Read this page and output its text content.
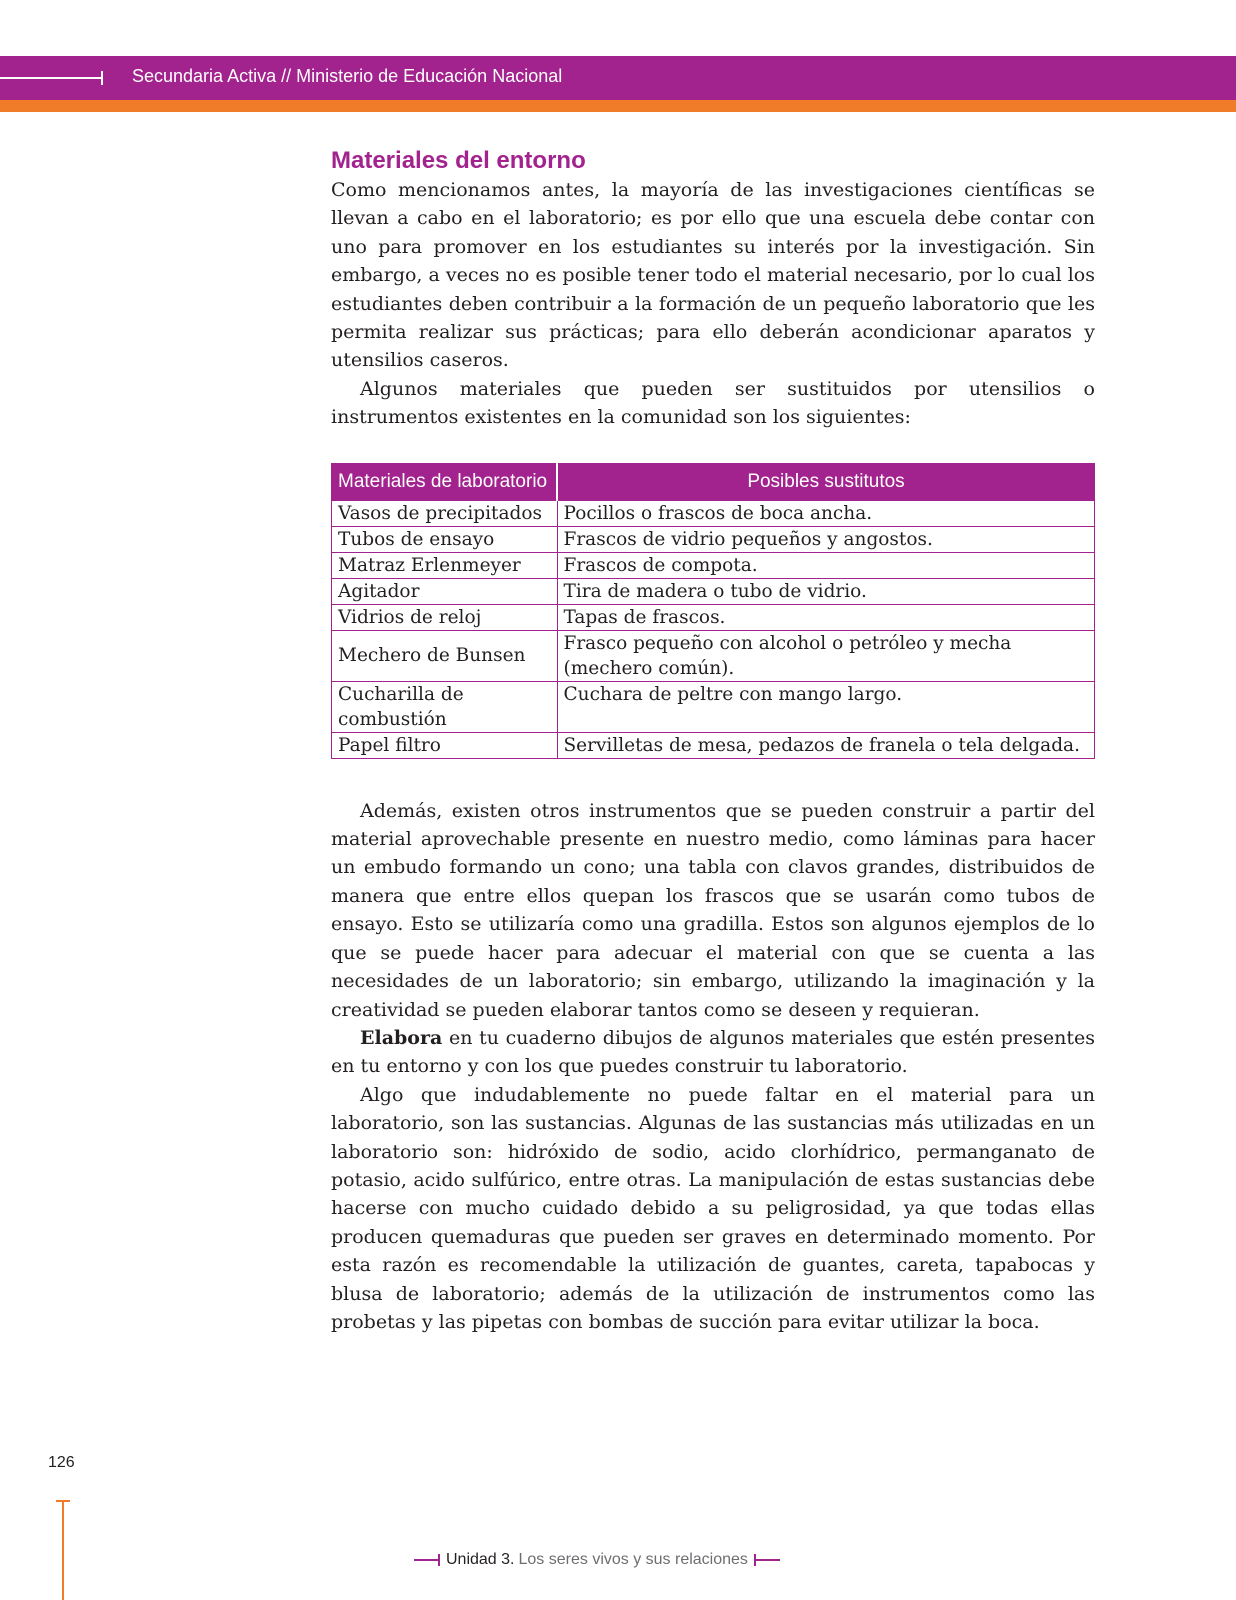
Secundaria Activa // Ministerio de Educación Nacional
Materiales del entorno

Como mencionamos antes, la mayoría de las investigaciones científicas se llevan a cabo en el laboratorio; es por ello que una escuela debe contar con uno para promover en los estudiantes su interés por la investigación. Sin embargo, a veces no es posible tener todo el material necesario, por lo cual los estudiantes deben contribuir a la formación de un pequeño laboratorio que les permita realizar sus prácticas; para ello deberán acondicionar aparatos y utensilios caseros.

Algunos materiales que pueden ser sustituidos por utensilios o instrumentos existentes en la comunidad son los siguientes:

Materiales de laboratorio	Posibles sustitutos
Vasos de precipitados	Pocillos o frascos de boca ancha.
Tubos de ensayo	Frascos de vidrio pequeños y angostos.
Matraz Erlenmeyer	Frascos de compota.
Agitador	Tira de madera o tubo de vidrio.
Vidrios de reloj	Tapas de frascos.
Mechero de Bunsen	Frasco pequeño con alcohol o petróleo y mecha (mechero común).
Cucharilla de combustión	Cuchara de peltre con mango largo.
Papel filtro	Servilletas de mesa, pedazos de franela o tela delgada.

Además, existen otros instrumentos que se pueden construir a partir del material aprovechable presente en nuestro medio, como láminas para hacer un embudo formando un cono; una tabla con clavos grandes, distribuidos de manera que entre ellos quepan los frascos que se usarán como tubos de ensayo. Esto se utilizaría como una gradilla. Estos son algunos ejemplos de lo que se puede hacer para adecuar el material con que se cuenta a las necesidades de un laboratorio; sin embargo, utilizando la imaginación y la creatividad se pueden elaborar tantos como se deseen y requieran.

Elabora en tu cuaderno dibujos de algunos materiales que estén presentes en tu entorno y con los que puedes construir tu laboratorio.

Algo que indudablemente no puede faltar en el material para un laboratorio, son las sustancias. Algunas de las sustancias más utilizadas en un laboratorio son: hidróxido de sodio, acido clorhídrico, permanganato de potasio, acido sulfúrico, entre otras. La manipulación de estas sustancias debe hacerse con mucho cuidado debido a su peligrosidad, ya que todas ellas producen quemaduras que pueden ser graves en determinado momento. Por esta razón es recomendable la utilización de guantes, careta, tapabocas y blusa de laboratorio; además de la utilización de instrumentos como las probetas y las pipetas con bombas de succión para evitar utilizar la boca.

126
Unidad 3. Los seres vivos y sus relaciones
